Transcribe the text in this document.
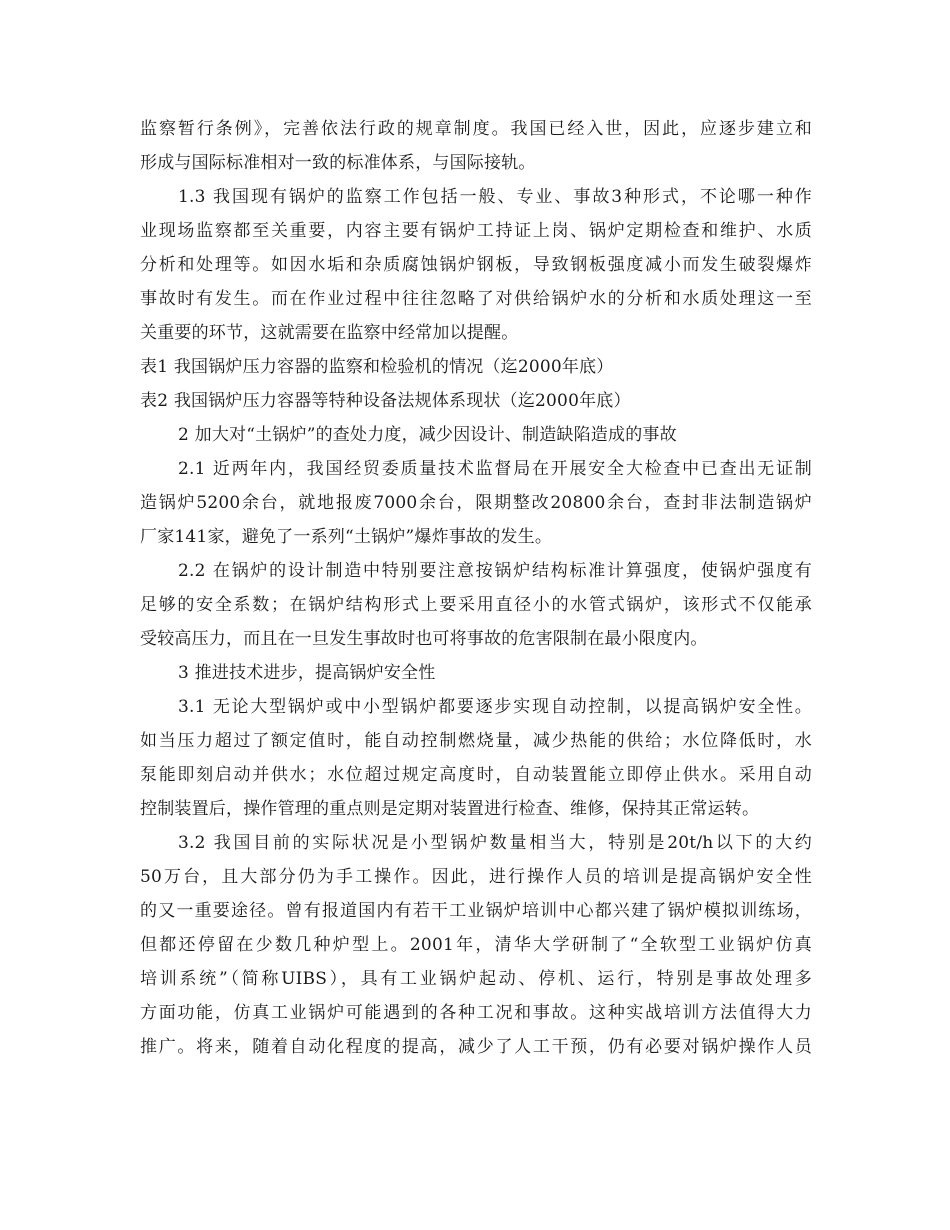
监察暂行条例》，完善依法行政的规章制度。我国已经入世，因此，应逐步建立和
形成与国际标准相对一致的标准体系，与国际接轨。
1.3 我国现有锅炉的监察工作包括一般、专业、事故3种形式，不论哪一种作
业现场监察都至关重要，内容主要有锅炉工持证上岗、锅炉定期检查和维护、水质
分析和处理等。如因水垢和杂质腐蚀锅炉钢板，导致钢板强度减小而发生破裂爆炸
事故时有发生。而在作业过程中往往忽略了对供给锅炉水的分析和水质处理这一至
关重要的环节，这就需要在监察中经常加以提醒。
表1 我国锅炉压力容器的监察和检验机的情况（迄2000年底）
表2 我国锅炉压力容器等特种设备法规体系现状（迄2000年底）
2 加大对“土锅炉”的查处力度，减少因设计、制造缺陷造成的事故
2.1 近两年内，我国经贸委质量技术监督局在开展安全大检查中已查出无证制
造锅炉5200余台，就地报废7000余台，限期整改20800余台，查封非法制造锅炉
厂家141家，避免了一系列“土锅炉”爆炸事故的发生。
2.2 在锅炉的设计制造中特别要注意按锅炉结构标准计算强度，使锅炉强度有
足够的安全系数；在锅炉结构形式上要采用直径小的水管式锅炉，该形式不仅能承
受较高压力，而且在一旦发生事故时也可将事故的危害限制在最小限度内。
3 推进技术进步，提高锅炉安全性
3.1 无论大型锅炉或中小型锅炉都要逐步实现自动控制，以提高锅炉安全性。
如当压力超过了额定值时，能自动控制燃烧量，减少热能的供给；水位降低时，水
泵能即刻启动并供水；水位超过规定高度时，自动装置能立即停止供水。采用自动
控制装置后，操作管理的重点则是定期对装置进行检查、维修，保持其正常运转。
3.2 我国目前的实际状况是小型锅炉数量相当大，特别是20t/h以下的大约
50万台，且大部分仍为手工操作。因此，进行操作人员的培训是提高锅炉安全性
的又一重要途径。曾有报道国内有若干工业锅炉培训中心都兴建了锅炉模拟训练场，
但都还停留在少数几种炉型上。2001年，清华大学研制了“全软型工业锅炉仿真
培训系统”（简称UIBS），具有工业锅炉起动、停机、运行，特别是事故处理多
方面功能，仿真工业锅炉可能遇到的各种工况和事故。这种实战培训方法值得大力
推广。将来，随着自动化程度的提高，减少了人工干预，仍有必要对锅炉操作人员
